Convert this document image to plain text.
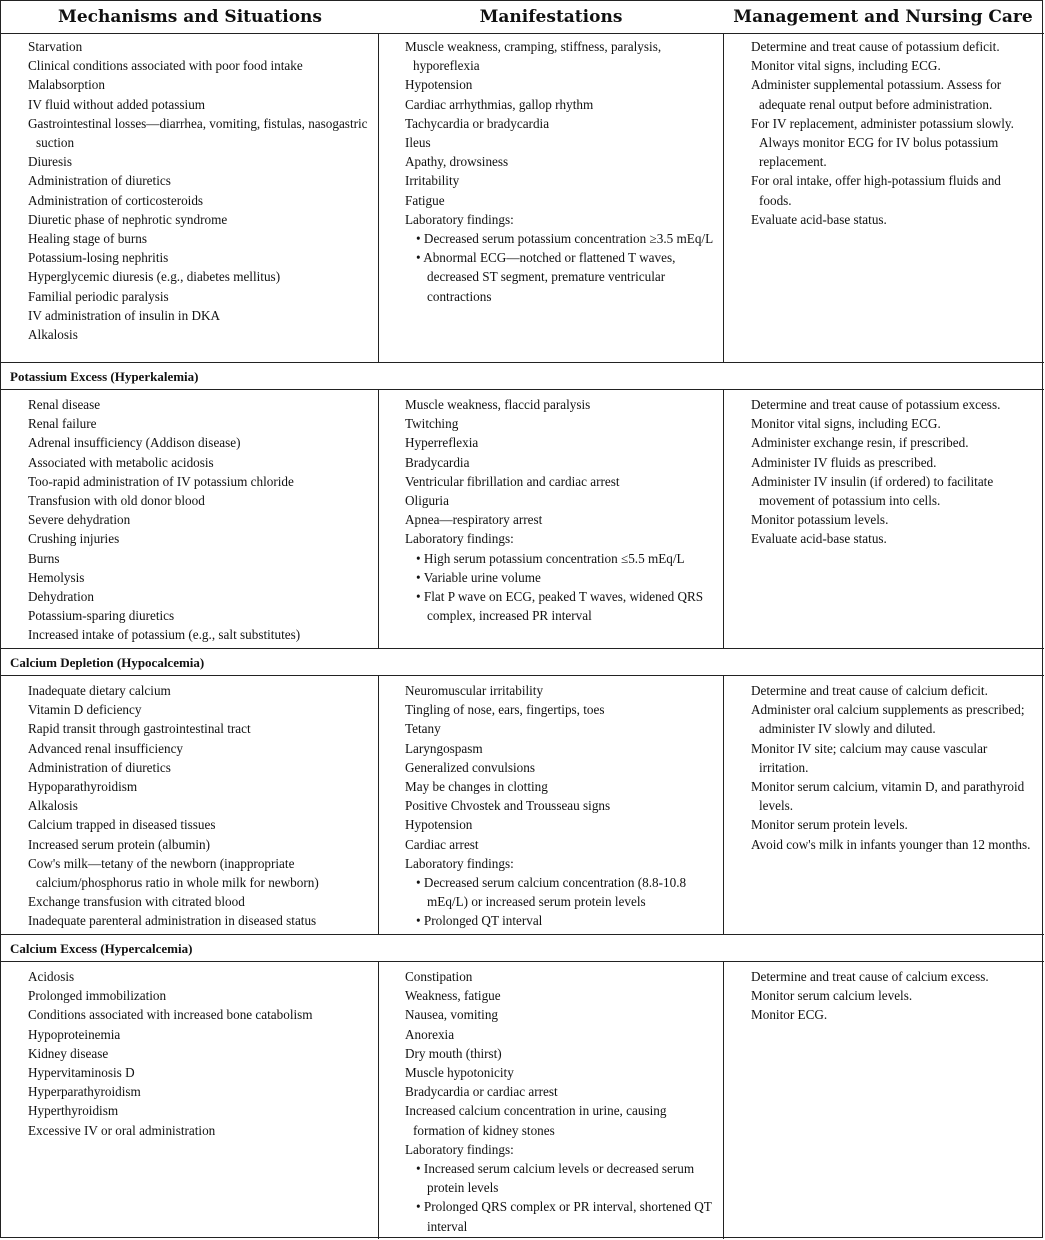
Mechanisms and Situations	Manifestations	Management and Nursing Care
Starvation
Clinical conditions associated with poor food intake
Malabsorption
IV fluid without added potassium
Gastrointestinal losses—diarrhea, vomiting, fistulas, nasogastric suction
Diuresis
Administration of diuretics
Administration of corticosteroids
Diuretic phase of nephrotic syndrome
Healing stage of burns
Potassium-losing nephritis
Hyperglycemic diuresis (e.g., diabetes mellitus)
Familial periodic paralysis
IV administration of insulin in DKA
Alkalosis
Muscle weakness, cramping, stiffness, paralysis, hyporeflexia
Hypotension
Cardiac arrhythmias, gallop rhythm
Tachycardia or bradycardia
Ileus
Apathy, drowsiness
Irritability
Fatigue
Laboratory findings:
• Decreased serum potassium concentration ≥3.5 mEq/L
• Abnormal ECG—notched or flattened T waves, decreased ST segment, premature ventricular contractions
Determine and treat cause of potassium deficit.
Monitor vital signs, including ECG.
Administer supplemental potassium. Assess for adequate renal output before administration.
For IV replacement, administer potassium slowly. Always monitor ECG for IV bolus potassium replacement.
For oral intake, offer high-potassium fluids and foods.
Evaluate acid-base status.
Potassium Excess (Hyperkalemia)
Renal disease
Renal failure
Adrenal insufficiency (Addison disease)
Associated with metabolic acidosis
Too-rapid administration of IV potassium chloride
Transfusion with old donor blood
Severe dehydration
Crushing injuries
Burns
Hemolysis
Dehydration
Potassium-sparing diuretics
Increased intake of potassium (e.g., salt substitutes)
Muscle weakness, flaccid paralysis
Twitching
Hyperreflexia
Bradycardia
Ventricular fibrillation and cardiac arrest
Oliguria
Apnea—respiratory arrest
Laboratory findings:
• High serum potassium concentration ≤5.5 mEq/L
• Variable urine volume
• Flat P wave on ECG, peaked T waves, widened QRS complex, increased PR interval
Determine and treat cause of potassium excess.
Monitor vital signs, including ECG.
Administer exchange resin, if prescribed.
Administer IV fluids as prescribed.
Administer IV insulin (if ordered) to facilitate movement of potassium into cells.
Monitor potassium levels.
Evaluate acid-base status.
Calcium Depletion (Hypocalcemia)
Inadequate dietary calcium
Vitamin D deficiency
Rapid transit through gastrointestinal tract
Advanced renal insufficiency
Administration of diuretics
Hypoparathyroidism
Alkalosis
Calcium trapped in diseased tissues
Increased serum protein (albumin)
Cow's milk—tetany of the newborn (inappropriate calcium/phosphorus ratio in whole milk for newborn)
Exchange transfusion with citrated blood
Inadequate parenteral administration in diseased status
Neuromuscular irritability
Tingling of nose, ears, fingertips, toes
Tetany
Laryngospasm
Generalized convulsions
May be changes in clotting
Positive Chvostek and Trousseau signs
Hypotension
Cardiac arrest
Laboratory findings:
• Decreased serum calcium concentration (8.8-10.8 mEq/L) or increased serum protein levels
• Prolonged QT interval
Determine and treat cause of calcium deficit.
Administer oral calcium supplements as prescribed; administer IV slowly and diluted.
Monitor IV site; calcium may cause vascular irritation.
Monitor serum calcium, vitamin D, and parathyroid levels.
Monitor serum protein levels.
Avoid cow's milk in infants younger than 12 months.
Calcium Excess (Hypercalcemia)
Acidosis
Prolonged immobilization
Conditions associated with increased bone catabolism
Hypoproteinemia
Kidney disease
Hypervitaminosis D
Hyperparathyroidism
Hyperthyroidism
Excessive IV or oral administration
Constipation
Weakness, fatigue
Nausea, vomiting
Anorexia
Dry mouth (thirst)
Muscle hypotonicity
Bradycardia or cardiac arrest
Increased calcium concentration in urine, causing formation of kidney stones
Laboratory findings:
• Increased serum calcium levels or decreased serum protein levels
• Prolonged QRS complex or PR interval, shortened QT interval
Determine and treat cause of calcium excess.
Monitor serum calcium levels.
Monitor ECG.
